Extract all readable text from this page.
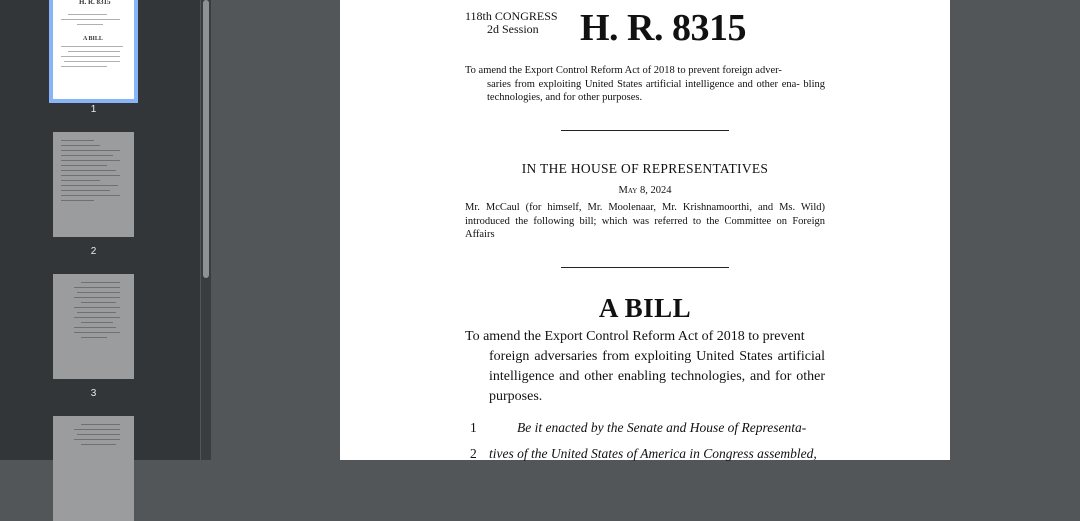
H. R. 8315
A BILL
1
2
3
118th CONGRESS
2d Session	H. R. 8315
To amend the Export Control Reform Act of 2018 to prevent foreign adver-
saries from exploiting United States artificial intelligence and other ena- bling technologies, and for other purposes.
IN THE HOUSE OF REPRESENTATIVES
May 8, 2024
Mr. McCaul (for himself, Mr. Moolenaar, Mr. Krishnamoorthi, and Ms. Wild) introduced the following bill; which was referred to the Committee on Foreign Affairs
A BILL
To amend the Export Control Reform Act of 2018 to prevent
foreign adversaries from exploiting United States artificial intelligence and other enabling technologies, and for other purposes.
1	Be it enacted by the Senate and House of Representa-
2 tives of the United States of America in Congress assembled,
